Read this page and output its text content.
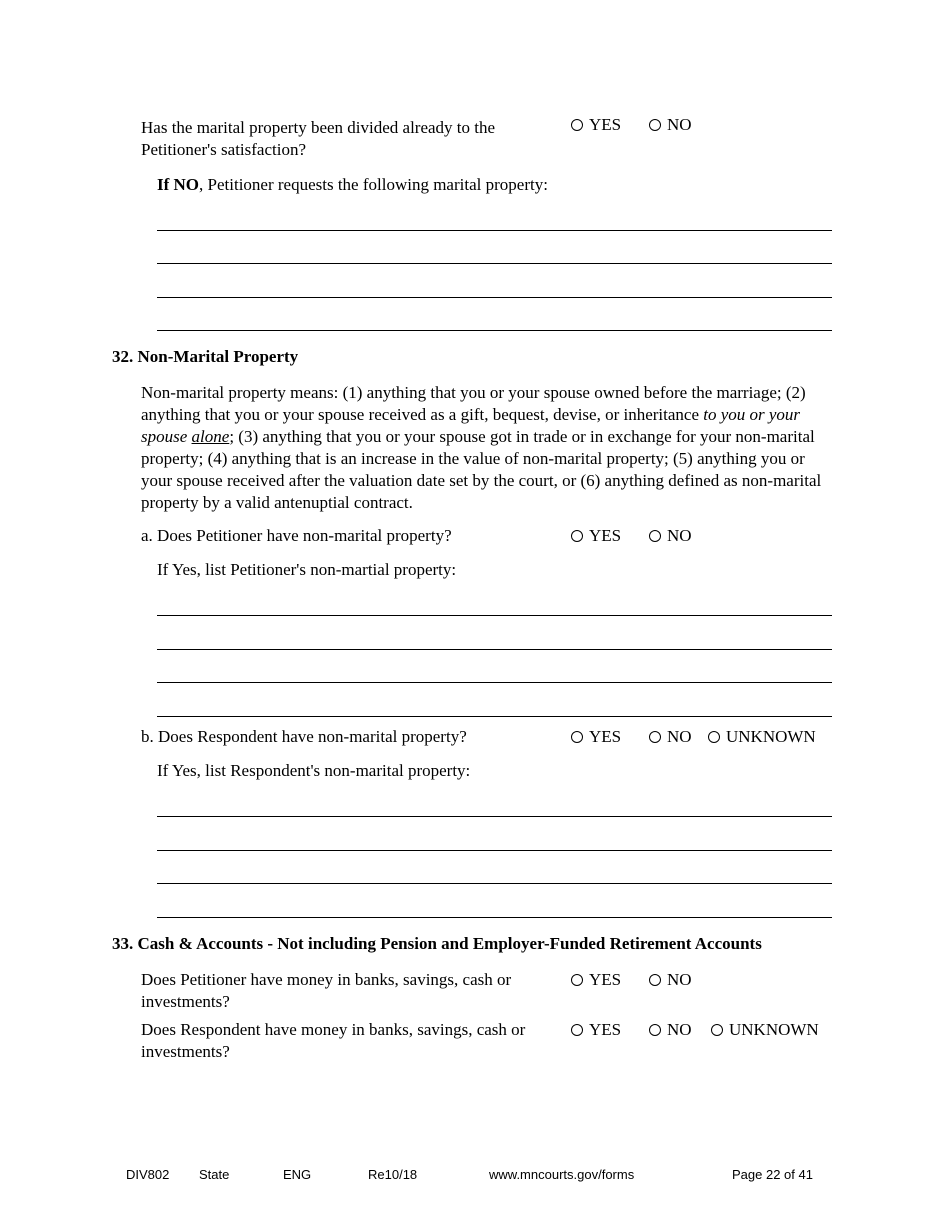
Has the marital property been divided already to the Petitioner's satisfaction?
YES	NO
If NO, Petitioner requests the following marital property:
32. Non-Marital Property
Non-marital property means: (1) anything that you or your spouse owned before the marriage; (2) anything that you or your spouse received as a gift, bequest, devise, or inheritance to you or your spouse alone; (3) anything that you or your spouse got in trade or in exchange for your non-marital property; (4) anything that is an increase in the value of non-marital property; (5) anything you or your spouse received after the valuation date set by the court, or (6) anything defined as non-marital property by a valid antenuptial contract.
a. Does Petitioner have non-marital property?	YES	NO
If Yes, list Petitioner's non-martial property:
b. Does Respondent have non-marital property?	YES	NO	UNKNOWN
If Yes, list Respondent's non-marital property:
33. Cash & Accounts - Not including Pension and Employer-Funded Retirement Accounts
Does Petitioner have money in banks, savings, cash or investments?
YES	NO
Does Respondent have money in banks, savings, cash or investments?
YES	NO	UNKNOWN
DIV802 State	ENG	Re10/18	www.mncourts.gov/forms	Page 22 of 41
